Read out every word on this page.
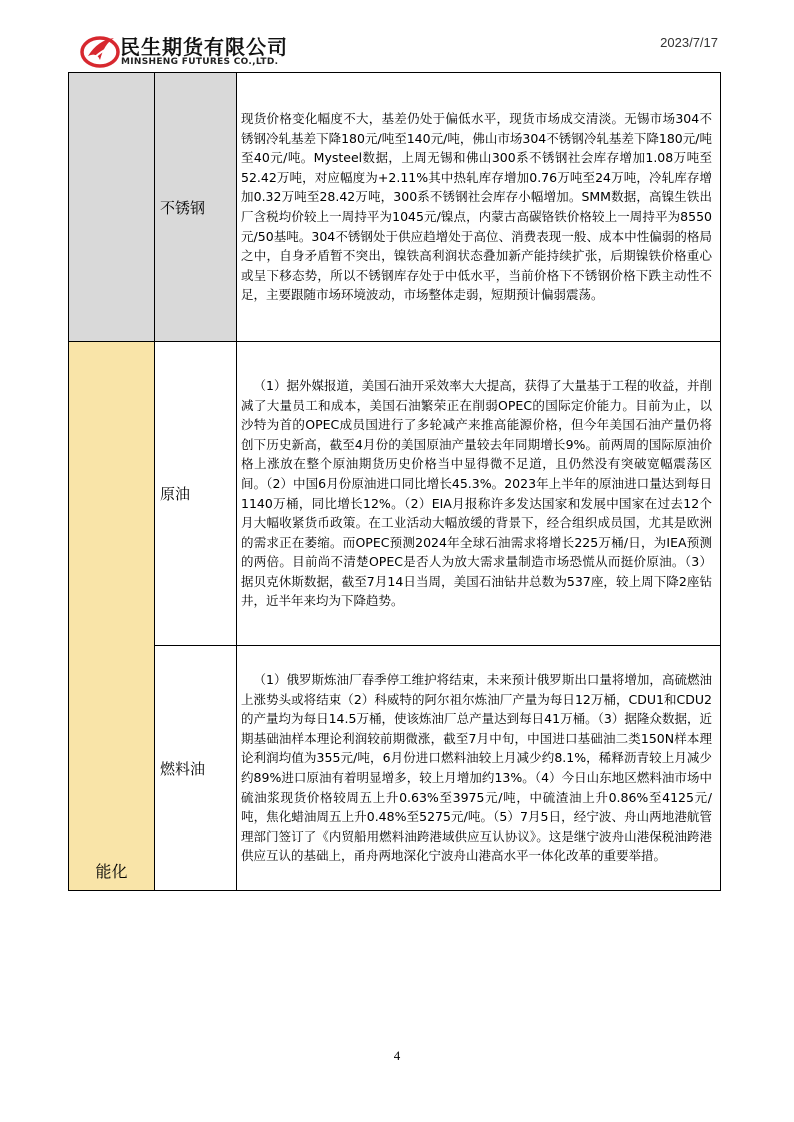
民生期货有限公司
MINSHENG FUTURES CO.,LTD.
2023/7/17
	不锈钢	现货价格变化幅度不大，基差仍处于偏低水平，现货市场成交清淡。无锡市场304不锈钢冷轧基差下降180元/吨至140元/吨，佛山市场304不锈钢冷轧基差下降180元/吨至40元/吨。Mysteel数据，上周无锡和佛山300系不锈钢社会库存增加1.08万吨至52.42万吨，对应幅度为+2.11%其中热轧库存增加0.76万吨至24万吨，冷轧库存增加0.32万吨至28.42万吨，300系不锈钢社会库存小幅增加。SMM数据，高镍生铁出厂含税均价较上一周持平为1045元/镍点，内蒙古高碳铬铁价格较上一周持平为8550元/50基吨。304不锈钢处于供应趋增处于高位、消费表现一般、成本中性偏弱的格局之中，自身矛盾暂不突出，镍铁高利润状态叠加新产能持续扩张，后期镍铁价格重心或呈下移态势，所以不锈钢库存处于中低水平，当前价格下不锈钢价格下跌主动性不足，主要跟随市场环境波动，市场整体走弱，短期预计偏弱震荡。

能化	原油	（1）据外媒报道，美国石油开采效率大大提高，获得了大量基于工程的收益，并削减了大量员工和成本，美国石油繁荣正在削弱OPEC的国际定价能力。目前为止，以沙特为首的OPEC成员国进行了多轮减产来推高能源价格，但今年美国石油产量仍将创下历史新高，截至4月份的美国原油产量较去年同期增长9%。前两周的国际原油价格上涨放在整个原油期货历史价格当中显得微不足道，且仍然没有突破宽幅震荡区间。（2）中国6月份原油进口同比增长45.3%。2023年上半年的原油进口量达到每日1140万桶，同比增长12%。（2）EIA月报称许多发达国家和发展中国家在过去12个月大幅收紧货币政策。在工业活动大幅放缓的背景下，经合组织成员国，尤其是欧洲的需求正在萎缩。而OPEC预测2024年全球石油需求将增长225万桶/日，为IEA预测的两倍。目前尚不清楚OPEC是否人为放大需求量制造市场恐慌从而挺价原油。（3）据贝克休斯数据，截至7月14日当周，美国石油钻井总数为537座，较上周下降2座钻井，近半年来均为下降趋势。

	燃料油	（1）俄罗斯炼油厂春季停工维护将结束，未来预计俄罗斯出口量将增加，高硫燃油上涨势头或将结束（2）科威特的阿尔祖尔炼油厂产量为每日12万桶，CDU1和CDU2的产量均为每日14.5万桶，使该炼油厂总产量达到每日41万桶。（3）据隆众数据，近期基础油样本理论利润较前期微涨，截至7月中旬，中国进口基础油二类150N样本理论利润均值为355元/吨，6月份进口燃料油较上月减少约8.1%，稀释沥青较上月减少约89%进口原油有着明显增多，较上月增加约13%。（4）今日山东地区燃料油市场中硫油浆现货价格较周五上升0.63%至3975元/吨，中硫渣油上升0.86%至4125元/吨，焦化蜡油周五上升0.48%至5275元/吨。（5）7月5日，经宁波、舟山两地港航管理部门签订了《内贸船用燃料油跨港域供应互认协议》。这是继宁波舟山港保税油跨港供应互认的基础上，甬舟两地深化宁波舟山港高水平一体化改革的重要举措。

4
